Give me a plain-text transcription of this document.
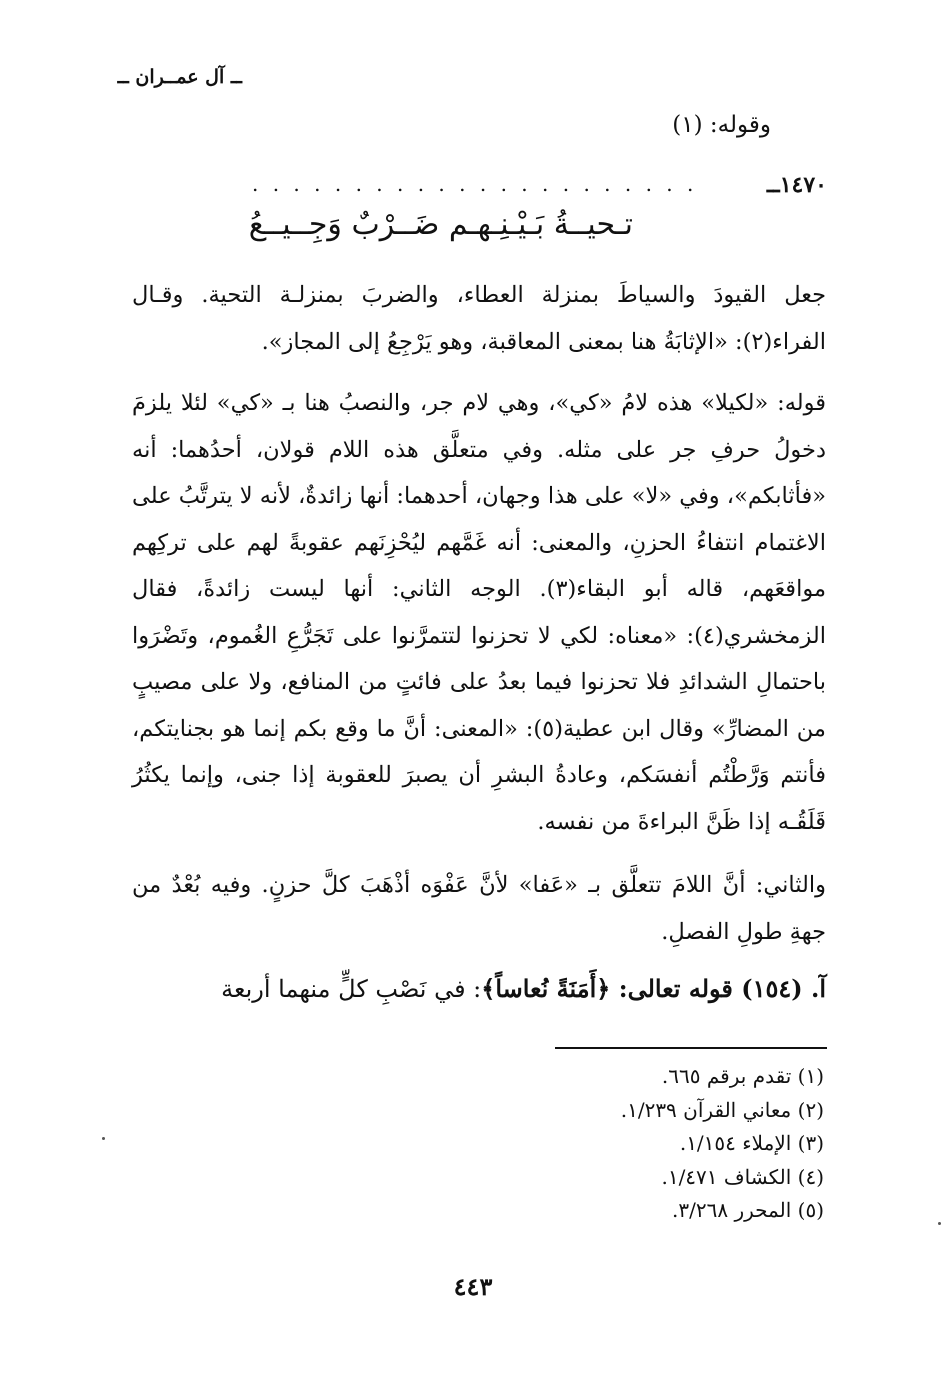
ــ آل عمــران ــ
وقوله: (١)
. . . . . . . . . . . . . . . . . . . . . .	١٤٧٠ــ
تـحيــةُ بَـيْـنِـهـم ضَــرْبٌ وَجِــيــعُ
جعل القيودَ والسياطَ بمنزلة العطاء، والضربَ بمنزلـة التحية. وقـال الفراء(٢): «الإثابَةُ هنا بمعنى المعاقبة، وهو يَرْجِعُ إلى المجاز».
قوله: «لكيلا» هذه لامُ «كي»، وهي لام جر، والنصبُ هنا بـ «كي» لئلا يلزمَ دخولُ حرفِ جر على مثله. وفي متعلَّق هذه اللام قولان، أحدُهما: أنه «فأثابكم»، وفي «لا» على هذا وجهان، أحدهما: أنها زائدةٌ، لأنه لا يترتَّبُ على الاغتمام انتفاءُ الحزنِ، والمعنى: أنه غَمَّهم ليُحْزِنَهم عقوبةً لهم على تركِهم مواقعَهم، قاله أبو البقاء(٣). الوجه الثاني: أنها ليست زائدةً، فقال الزمخشري(٤): «معناه: لكي لا تحزنوا لتتمرَّنوا على تَجَرُّعِ الغُموم، وتَضْرَوا باحتمالِ الشدائدِ فلا تحزنوا فيما بعدُ على فائتٍ من المنافع، ولا على مصيبٍ من المضارِّ» وقال ابن عطية(٥): «المعنى: أنَّ ما وقع بكم إنما هو بجنايتكم، فأنتم وَرَّطْتُم أنفسَكم، وعادةُ البشرِ أن يصبرَ للعقوبة إذا جنى، وإنما يكثُرُ قَلَقُـه إذا ظَنَّ البراءةَ من نفسه.
والثاني: أنَّ اللامَ تتعلَّق بـ «عَفا» لأنَّ عَفْوَه أذْهَبَ كلَّ حزنٍ. وفيه بُعْدٌ من جهةِ طولِ الفصلِ.
آ. (١٥٤) قوله تعالى: ﴿أَمَنَةً نُعاساً﴾: في نَصْبِ كلٍّ منهما أربعة
(١) تقدم برقم ٦٦٥.
(٢) معاني القرآن ١/٢٣٩.
(٣) الإملاء ١/١٥٤.
(٤) الكشاف ١/٤٧١.
(٥) المحرر ٣/٢٦٨.
٤٤٣
